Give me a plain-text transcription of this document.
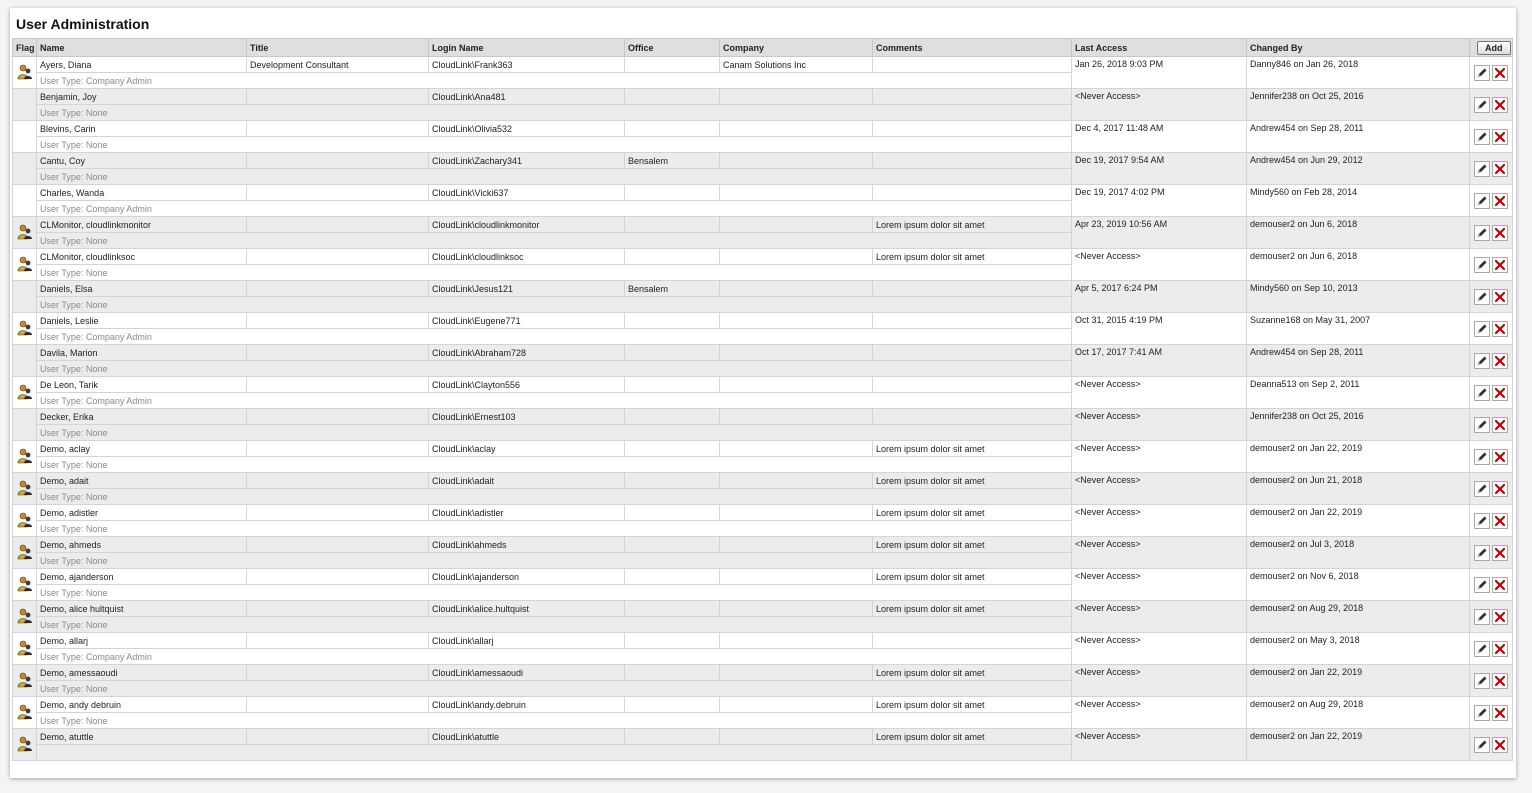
User Administration
Flag	Name	Title	Login Name	Office	Company	Comments	Last Access	Changed By	Add
	Ayers, Diana	Development Consultant	CloudLink\Frank363		Canam Solutions Inc		Jan 26, 2018 9:03 PM	Danny846 on Jan 26, 2018	

	User Type: Company Admin								
	Benjamin, Joy		CloudLink\Ana481				<Never Access>	Jennifer238 on Oct 25, 2016	

	User Type: None								
	Blevins, Carin		CloudLink\Olivia532				Dec 4, 2017 11:48 AM	Andrew454 on Sep 28, 2011	

	User Type: None								
	Cantu, Coy		CloudLink\Zachary341	Bensalem			Dec 19, 2017 9:54 AM	Andrew454 on Jun 29, 2012	

	User Type: None								
	Charles, Wanda		CloudLink\Vicki637				Dec 19, 2017 4:02 PM	Mindy560 on Feb 28, 2014	

	User Type: Company Admin								
	CLMonitor, cloudlinkmonitor		CloudLink\cloudlinkmonitor			Lorem ipsum dolor sit amet	Apr 23, 2019 10:56 AM	demouser2 on Jun 6, 2018	

	User Type: None								
	CLMonitor, cloudlinksoc		CloudLink\cloudlinksoc			Lorem ipsum dolor sit amet	<Never Access>	demouser2 on Jun 6, 2018	

	User Type: None								
	Daniels, Elsa		CloudLink\Jesus121	Bensalem			Apr 5, 2017 6:24 PM	Mindy560 on Sep 10, 2013	

	User Type: None								
	Daniels, Leslie		CloudLink\Eugene771				Oct 31, 2015 4:19 PM	Suzanne168 on May 31, 2007	

	User Type: Company Admin								
	Davila, Marion		CloudLink\Abraham728				Oct 17, 2017 7:41 AM	Andrew454 on Sep 28, 2011	

	User Type: None								
	De Leon, Tarik		CloudLink\Clayton556				<Never Access>	Deanna513 on Sep 2, 2011	

	User Type: Company Admin								
	Decker, Erika		CloudLink\Ernest103				<Never Access>	Jennifer238 on Oct 25, 2016	

	User Type: None								
	Demo, aclay		CloudLink\aclay			Lorem ipsum dolor sit amet	<Never Access>	demouser2 on Jan 22, 2019	

	User Type: None								
	Demo, adait		CloudLink\adait			Lorem ipsum dolor sit amet	<Never Access>	demouser2 on Jun 21, 2018	

	User Type: None								
	Demo, adistler		CloudLink\adistler			Lorem ipsum dolor sit amet	<Never Access>	demouser2 on Jan 22, 2019	

	User Type: None								
	Demo, ahmeds		CloudLink\ahmeds			Lorem ipsum dolor sit amet	<Never Access>	demouser2 on Jul 3, 2018	

	User Type: None								
	Demo, ajanderson		CloudLink\ajanderson			Lorem ipsum dolor sit amet	<Never Access>	demouser2 on Nov 6, 2018	

	User Type: None								
	Demo, alice hultquist		CloudLink\alice.hultquist			Lorem ipsum dolor sit amet	<Never Access>	demouser2 on Aug 29, 2018	

	User Type: None								
	Demo, allarj		CloudLink\allarj				<Never Access>	demouser2 on May 3, 2018	

	User Type: Company Admin								
	Demo, amessaoudi		CloudLink\amessaoudi			Lorem ipsum dolor sit amet	<Never Access>	demouser2 on Jan 22, 2019	

	User Type: None								
	Demo, andy debruin		CloudLink\andy.debruin			Lorem ipsum dolor sit amet	<Never Access>	demouser2 on Aug 29, 2018	

	User Type: None								
	Demo, atuttle		CloudLink\atuttle			Lorem ipsum dolor sit amet	<Never Access>	demouser2 on Jan 22, 2019	
